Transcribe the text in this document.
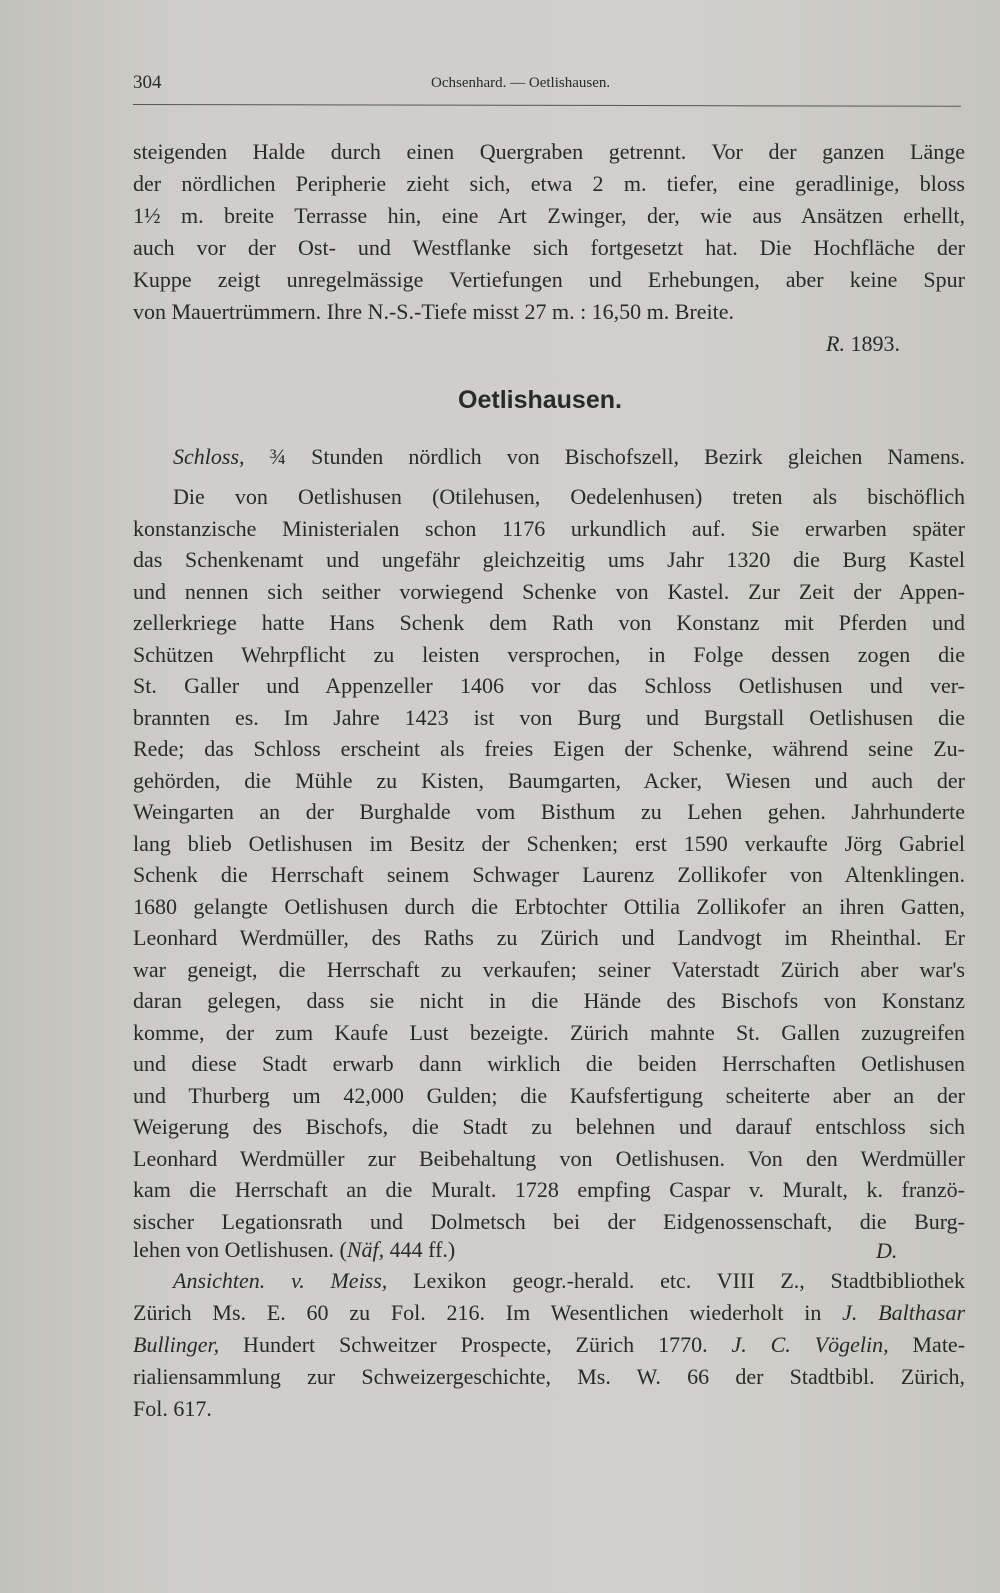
304	Ochsenhard. — Oetlishausen.
steigenden Halde durch einen Quergraben getrennt. Vor der ganzen Länge
der nördlichen Peripherie zieht sich, etwa 2 m. tiefer, eine geradlinige, bloss
1½ m. breite Terrasse hin, eine Art Zwinger, der, wie aus Ansätzen erhellt,
auch vor der Ost- und Westflanke sich fortgesetzt hat. Die Hochfläche der
Kuppe zeigt unregelmässige Vertiefungen und Erhebungen, aber keine Spur
von Mauertrümmern. Ihre N.-S.-Tiefe misst 27 m. : 16,50 m. Breite.
R. 1893.
Oetlishausen.
Schloss, ¾ Stunden nördlich von Bischofszell, Bezirk gleichen Namens.
Die von Oetlishusen (Otilehusen, Oedelenhusen) treten als bischöflich
konstanzische Ministerialen schon 1176 urkundlich auf. Sie erwarben später
das Schenkenamt und ungefähr gleichzeitig ums Jahr 1320 die Burg Kastel
und nennen sich seither vorwiegend Schenke von Kastel. Zur Zeit der Appen-
zellerkriege hatte Hans Schenk dem Rath von Konstanz mit Pferden und
Schützen Wehrpflicht zu leisten versprochen, in Folge dessen zogen die
St. Galler und Appenzeller 1406 vor das Schloss Oetlishusen und ver-
brannten es. Im Jahre 1423 ist von Burg und Burgstall Oetlishusen die
Rede; das Schloss erscheint als freies Eigen der Schenke, während seine Zu-
gehörden, die Mühle zu Kisten, Baumgarten, Acker, Wiesen und auch der
Weingarten an der Burghalde vom Bisthum zu Lehen gehen. Jahrhunderte
lang blieb Oetlishusen im Besitz der Schenken; erst 1590 verkaufte Jörg Gabriel
Schenk die Herrschaft seinem Schwager Laurenz Zollikofer von Altenklingen.
1680 gelangte Oetlishusen durch die Erbtochter Ottilia Zollikofer an ihren Gatten,
Leonhard Werdmüller, des Raths zu Zürich und Landvogt im Rheinthal. Er
war geneigt, die Herrschaft zu verkaufen; seiner Vaterstadt Zürich aber war's
daran gelegen, dass sie nicht in die Hände des Bischofs von Konstanz
komme, der zum Kaufe Lust bezeigte. Zürich mahnte St. Gallen zuzugreifen
und diese Stadt erwarb dann wirklich die beiden Herrschaften Oetlishusen
und Thurberg um 42,000 Gulden; die Kaufsfertigung scheiterte aber an der
Weigerung des Bischofs, die Stadt zu belehnen und darauf entschloss sich
Leonhard Werdmüller zur Beibehaltung von Oetlishusen. Von den Werdmüller
kam die Herrschaft an die Muralt. 1728 empfing Caspar v. Muralt, k. franzö-
sischer Legationsrath und Dolmetsch bei der Eidgenossenschaft, die Burg-
lehen von Oetlishusen. (Näf, 444 ff.)	D.
Ansichten. v. Meiss, Lexikon geogr.-herald. etc. VIII Z., Stadtbibliothek
Zürich Ms. E. 60 zu Fol. 216. Im Wesentlichen wiederholt in J. Balthasar
Bullinger, Hundert Schweitzer Prospecte, Zürich 1770. J. C. Vögelin, Mate-
rialiensammlung zur Schweizergeschichte, Ms. W. 66 der Stadtbibl. Zürich,
Fol. 617.
